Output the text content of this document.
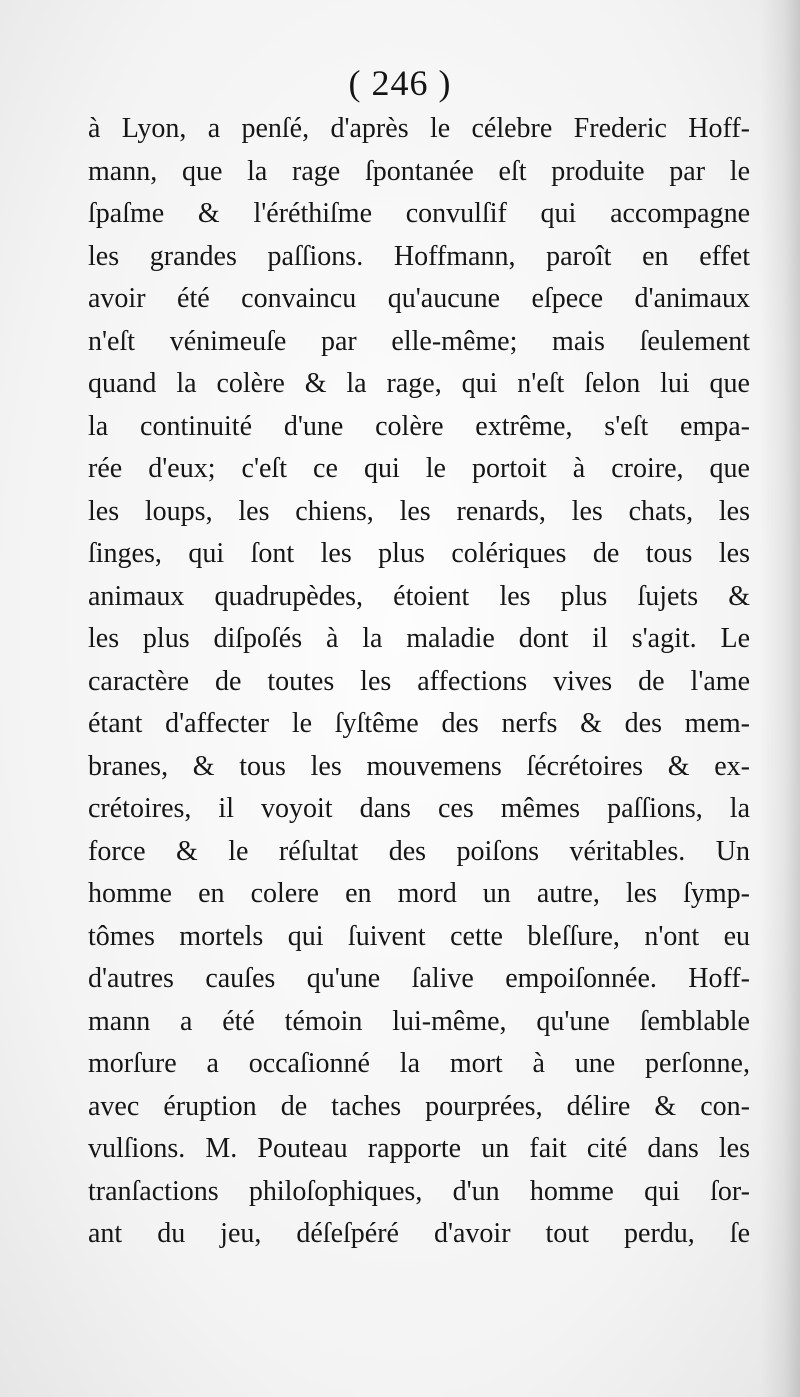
( 246 )
à Lyon, a penſé, d'après le célebre Frederic Hoff-
mann, que la rage ſpontanée eſt produite par le
ſpaſme & l'éréthiſme convulſif qui accompagne
les grandes paſſions. Hoffmann, paroît en effet
avoir été convaincu qu'aucune eſpece d'animaux
n'eſt vénimeuſe par elle-même; mais ſeulement
quand la colère & la rage, qui n'eſt ſelon lui que
la continuité d'une colère extrême, s'eſt empa-
rée d'eux; c'eſt ce qui le portoit à croire, que
les loups, les chiens, les renards, les chats, les
ſinges, qui ſont les plus colériques de tous les
animaux quadrupèdes, étoient les plus ſujets &
les plus diſpoſés à la maladie dont il s'agit. Le
caractère de toutes les affections vives de l'ame
étant d'affecter le ſyſtême des nerfs & des mem-
branes, & tous les mouvemens ſécrétoires & ex-
crétoires, il voyoit dans ces mêmes paſſions, la
force & le réſultat des poiſons véritables. Un
homme en colere en mord un autre, les ſymp-
tômes mortels qui ſuivent cette bleſſure, n'ont eu
d'autres cauſes qu'une ſalive empoiſonnée. Hoff-
mann a été témoin lui-même, qu'une ſemblable
morſure a occaſionné la mort à une perſonne,
avec éruption de taches pourprées, délire & con-
vulſions. M. Pouteau rapporte un fait cité dans les
tranſactions philoſophiques, d'un homme qui ſor-
ant du jeu, déſeſpéré d'avoir tout perdu, ſe
